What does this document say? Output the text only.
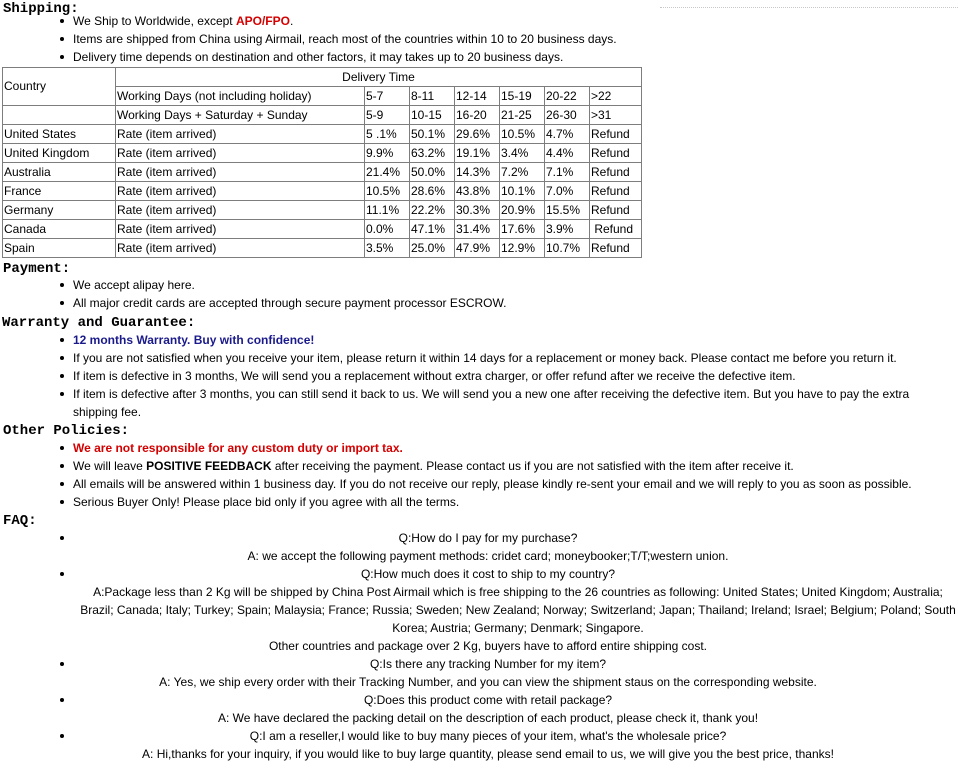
Shipping:
We Ship to Worldwide, except APO/FPO.
Items are shipped from China using Airmail, reach most of the countries within 10 to 20 business days.
Delivery time depends on destination and other factors, it may takes up to 20 business days.
Country	Delivery Time						
	Working Days (not including holiday)	5-7	8-11	12-14	15-19	20-22	>22
	Working Days + Saturday + Sunday	5-9	10-15	16-20	21-25	26-30	>31
United States	Rate (item arrived)	5 .1%	50.1%	29.6%	10.5%	4.7%	Refund
United Kingdom	Rate (item arrived)	9.9%	63.2%	19.1%	3.4%	4.4%	Refund
Australia	Rate (item arrived)	21.4%	50.0%	14.3%	7.2%	7.1%	Refund
France	Rate (item arrived)	10.5%	28.6%	43.8%	10.1%	7.0%	Refund
Germany	Rate (item arrived)	11.1%	22.2%	30.3%	20.9%	15.5%	Refund
Canada	Rate (item arrived)	0.0%	47.1%	31.4%	17.6%	3.9%	Refund
Spain	Rate (item arrived)	3.5%	25.0%	47.9%	12.9%	10.7%	Refund
Payment:
We accept alipay here.
All major credit cards are accepted through secure payment processor ESCROW.
Warranty and Guarantee:
12 months Warranty. Buy with confidence!
If you are not satisfied when you receive your item, please return it within 14 days for a replacement or money back. Please contact me before you return it.
If item is defective in 3 months, We will send you a replacement without extra charger, or offer refund after we receive the defective item.
If item is defective after 3 months, you can still send it back to us. We will send you a new one after receiving the defective item. But you have to pay the extra shipping fee.
Other Policies:
We are not responsible for any custom duty or import tax.
We will leave POSITIVE FEEDBACK after receiving the payment. Please contact us if you are not satisfied with the item after receive it.
All emails will be answered within 1 business day. If you do not receive our reply, please kindly re-sent your email and we will reply to you as soon as possible.
Serious Buyer Only! Please place bid only if you agree with all the terms.
FAQ:
Q:How do I pay for my purchase?
A: we accept the following payment methods: cridet card; moneybooker;T/T;western union.
Q:How much does it cost to ship to my country?
A:Package less than 2 Kg will be shipped by China Post Airmail which is free shipping to the 26 countries as following: United States; United Kingdom; Australia; Brazil; Canada; Italy; Turkey; Spain; Malaysia; France; Russia; Sweden; New Zealand; Norway; Switzerland; Japan; Thailand; Ireland; Israel; Belgium; Poland; South Korea; Austria; Germany; Denmark; Singapore.
Other countries and package over 2 Kg, buyers have to afford entire shipping cost.
Q:Is there any tracking Number for my item?
A: Yes, we ship every order with their Tracking Number, and you can view the shipment staus on the corresponding website.
Q:Does this product come with retail package?
A: We have declared the packing detail on the description of each product, please check it, thank you!
Q:I am a reseller,I would like to buy many pieces of your item, what's the wholesale price?
A: Hi,thanks for your inquiry, if you would like to buy large quantity, please send email to us, we will give you the best price, thanks!
